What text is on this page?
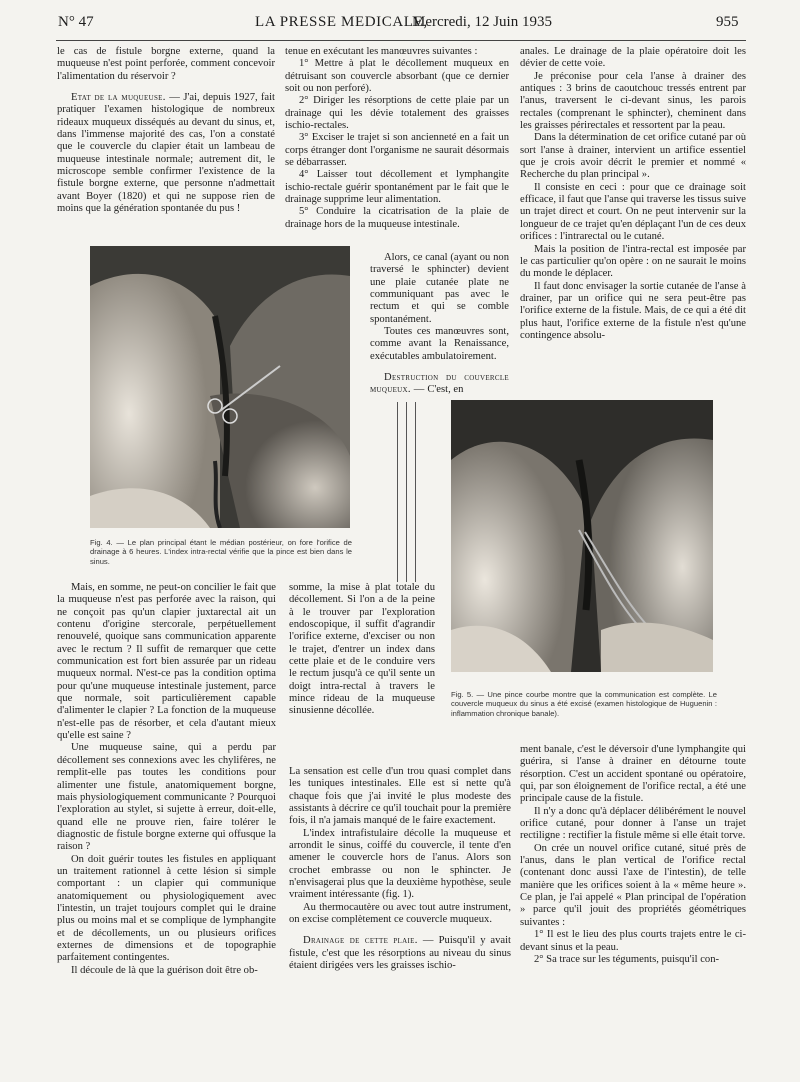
N° 47	LA PRESSE MEDICALE,
Mercredi, 12 Juin 1935	955

le cas de fistule borgne externe, quand la muqueuse n'est point perforée, comment concevoir l'alimentation du réservoir ?

Etat de la muqueuse. — J'ai, depuis 1927, fait pratiquer l'examen histologique de nombreux rideaux muqueux disséqués au devant du sinus, et, dans l'immense majorité des cas, l'on a constaté que le couvercle du clapier était un lambeau de muqueuse intestinale normale; autrement dit, le microscope semble confirmer l'existence de la fistule borgne externe, que personne n'admettait avant Boyer (1820) et qui ne suppose rien de moins que la génération spontanée du pus !

tenue en exécutant les manœuvres suivantes :

1° Mettre à plat le décollement muqueux en détruisant son couvercle absorbant (que ce dernier soit ou non perforé).

2° Diriger les résorptions de cette plaie par un drainage qui les dévie totalement des graisses ischio-rectales.

3° Exciser le trajet si son ancienneté en a fait un corps étranger dont l'organisme ne saurait désormais se débarrasser.

4° Laisser tout décollement et lymphangite ischio-rectale guérir spontanément par le fait que le drainage supprime leur alimentation.

5° Conduire la cicatrisation de la plaie de drainage hors de la muqueuse intestinale.

Alors, ce canal (ayant ou non traversé le sphincter) devient une plaie cutanée plate ne communiquant pas avec le rectum et qui se comble spontanément.

Toutes ces manœuvres sont, comme avant la Renaissance, exécutables ambulatoirement.

Destruction du couvercle muqueux. — C'est, en

anales. Le drainage de la plaie opératoire doit les dévier de cette voie.

Je préconise pour cela l'anse à drainer des antiques : 3 brins de caoutchouc tressés entrent par l'anus, traversent le ci-devant sinus, les parois rectales (comprenant le sphincter), cheminent dans les graisses périrectales et ressortent par la peau.

Dans la détermination de cet orifice cutané par où sort l'anse à drainer, intervient un artifice essentiel que je crois avoir décrit le premier et nommé « Recherche du plan principal ».

Il consiste en ceci : pour que ce drainage soit efficace, il faut que l'anse qui traverse les tissus suive un trajet direct et court. On ne peut intervenir sur la longueur de ce trajet qu'en déplaçant l'un de ces deux orifices : l'intrarectal ou le cutané.

Mais la position de l'intra-rectal est imposée par le cas particulier qu'on opère : on ne saurait le moins du monde le déplacer.

Il faut donc envisager la sortie cutanée de l'anse à drainer, par un orifice qui ne sera peut-être pas l'orifice externe de la fistule. Mais, de ce qui a été dit plus haut, l'orifice externe de la fistule n'est qu'une contingence absolu-

Fig. 4. — Le plan principal étant le médian postérieur, on fore l'orifice de drainage à 6 heures. L'index intra-rectal vérifie que la pince est bien dans le sinus.
Fig. 5. — Une pince courbe montre que la communication est complète. Le couvercle muqueux du sinus a été excisé (examen histologique de Huguenin : inflammation chronique banale).

Mais, en somme, ne peut-on concilier le fait que la muqueuse n'est pas perforée avec la raison, qui ne conçoit pas qu'un clapier juxtarectal ait un contenu d'origine stercorale, perpétuellement renouvelé, quoique sans communication apparente avec le rectum ? Il suffit de remarquer que cette communication est fort bien assurée par un rideau muqueux normal. N'est-ce pas la condition optima pour qu'une muqueuse intestinale justement, parce que normale, soit particulièrement capable d'alimenter le clapier ? La fonction de la muqueuse n'est-elle pas de résorber, et cela d'autant mieux qu'elle est saine ?

Une muqueuse saine, qui a perdu par décollement ses connexions avec les chylifères, ne remplit-elle pas toutes les conditions pour alimenter une fistule, anatomiquement borgne, mais physiologiquement communicante ? Pourquoi l'exploration au stylet, si sujette à erreur, doit-elle, quand elle ne prouve rien, faire tolérer le diagnostic de fistule borgne externe qui offusque la raison ?

On doit guérir toutes les fistules en appliquant un traitement rationnel à cette lésion si simple comportant : un clapier qui communique anatomiquement ou physiologiquement avec l'intestin, un trajet toujours complet qui le draine plus ou moins mal et se complique de lymphangite et de décollements, un ou plusieurs orifices externes de dimensions et de topographie parfaitement contingentes.

Il découle de là que la guérison doit être ob-

somme, la mise à plat totale du décollement. Si l'on a de la peine à le trouver par l'exploration endoscopique, il suffit d'agrandir l'orifice externe, d'exciser ou non le trajet, d'entrer un index dans cette plaie et de le conduire vers le rectum jusqu'à ce qu'il sente un doigt intra-rectal à travers le mince rideau de la muqueuse sinusienne décollée.

La sensation est celle d'un trou quasi complet dans les tuniques intestinales. Elle est si nette qu'à chaque fois que j'ai invité le plus modeste des assistants à décrire ce qu'il touchait pour la première fois, il n'a jamais manqué de le faire exactement.

L'index intrafistulaire décolle la muqueuse et arrondit le sinus, coiffé du couvercle, il tente d'en amener le couvercle hors de l'anus. Alors son crochet embrasse ou non le sphincter. Je n'envisagerai plus que la deuxième hypothèse, seule vraiment intéressante (fig. 1).

Au thermocautère ou avec tout autre instrument, on excise complètement ce couvercle muqueux.

Drainage de cette plaie. — Puisqu'il y avait fistule, c'est que les résorptions au niveau du sinus étaient dirigées vers les graisses ischio-

ment banale, c'est le déversoir d'une lymphangite qui guérira, si l'anse à drainer en détourne toute résorption. C'est un accident spontané ou opératoire, qui, par son éloignement de l'orifice rectal, a été une principale cause de la fistule.

Il n'y a donc qu'à déplacer délibérément le nouvel orifice cutané, pour donner à l'anse un trajet rectiligne : rectifier la fistule même si elle était torve.

On crée un nouvel orifice cutané, situé près de l'anus, dans le plan vertical de l'orifice rectal (contenant donc aussi l'axe de l'intestin), de telle manière que les orifices soient à la « même heure ». Ce plan, je l'ai appelé « Plan principal de l'opération » parce qu'il jouit des propriétés géométriques suivantes :

1° Il est le lieu des plus courts trajets entre le ci-devant sinus et la peau.

2° Sa trace sur les téguments, puisqu'il con-
